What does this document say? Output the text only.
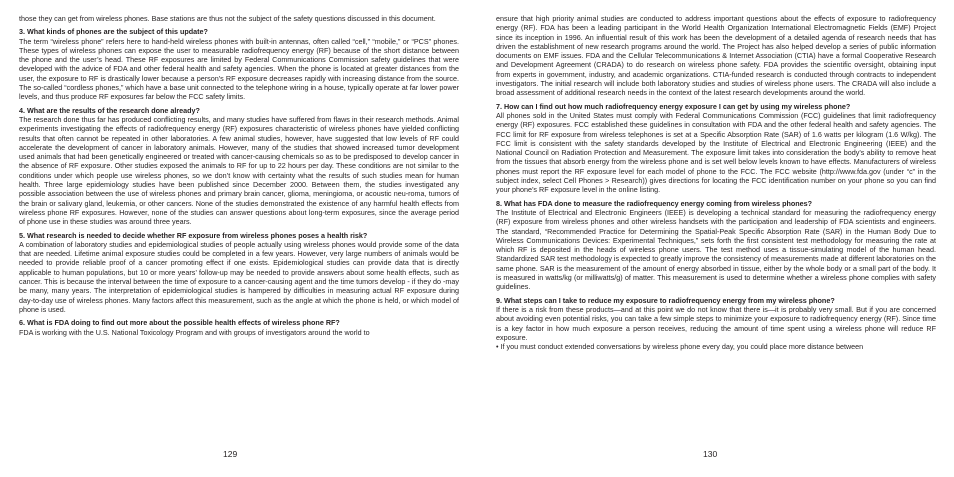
those they can get from wireless phones. Base stations are thus not the subject of the safety questions discussed in this document.

3. What kinds of phones are the subject of this update?

The term “wireless phone” refers here to hand-held wireless phones with built-in antennas, often called “cell,” “mobile,” or “PCS” phones. These types of wireless phones can expose the user to measurable radiofrequency energy (RF) because of the short distance between the phone and the user’s head. These RF exposures are limited by Federal Communications Commission safety guidelines that were developed with the advice of FDA and other federal health and safety agencies. When the phone is located at greater distances from the user, the exposure to RF is drastically lower because a person’s RF exposure decreases rapidly with increasing distance from the source. The so-called “cordless phones,” which have a base unit connected to the telephone wiring in a house, typically operate at far lower power levels, and thus produce RF exposures far below the FCC safety limits.

4. What are the results of the research done already?

The research done thus far has produced conflicting results, and many studies have suffered from flaws in their research methods. Animal experiments investigating the effects of radiofrequency energy (RF) exposures characteristic of wireless phones have yielded conflicting results that often cannot be repeated in other laboratories. A few animal studies, however, have suggested that low levels of RF could accelerate the development of cancer in laboratory animals. However, many of the studies that showed increased tumor development used animals that had been genetically engineered or treated with cancer-causing chemicals so as to be predisposed to develop cancer in the absence of RF exposure. Other studies exposed the animals to RF for up to 22 hours per day. These conditions are not similar to the conditions under which people use wireless phones, so we don’t know with certainty what the results of such studies mean for human health. Three large epidemiology studies have been published since December 2000. Between them, the studies investigated any possible association between the use of wireless phones and primary brain cancer, glioma, meningioma, or acoustic neu-roma, tumors of the brain or salivary gland, leukemia, or other cancers. None of the studies demonstrated the existence of any harmful health effects from wireless phone RF exposures. However, none of the studies can answer questions about long-term exposures, since the average period of phone use in these studies was around three years.

5. What research is needed to decide whether RF exposure from wireless phones poses a health risk?

A combination of laboratory studies and epidemiological studies of people actually using wireless phones would provide some of the data that are needed. Lifetime animal exposure studies could be completed in a few years. However, very large numbers of animals would be needed to provide reliable proof of a cancer promoting effect if one exists. Epidemiological studies can provide data that is directly applicable to human populations, but 10 or more years’ follow-up may be needed to provide answers about some health effects, such as cancer. This is because the interval between the time of exposure to a cancer-causing agent and the time tumors develop - if they do -may be many, many years. The interpretation of epidemiological studies is hampered by difficulties in measuring actual RF exposure during day-to-day use of wireless phones. Many factors affect this measurement, such as the angle at which the phone is held, or which model of phone is used.

6. What is FDA doing to find out more about the possible health effects of wireless phone RF?

FDA is working with the U.S. National Toxicology Program and with groups of investigators around the world to

ensure that high priority animal studies are conducted to address important questions about the effects of exposure to radiofrequency energy (RF). FDA has been a leading participant in the World Health Organization International Electromagnetic Fields (EMF) Project since its inception in 1996. An influential result of this work has been the development of a detailed agenda of research needs that has driven the establishment of new research programs around the world. The Project has also helped develop a series of public information documents on EMF issues. FDA and the Cellular Telecommunications & Internet Association (CTIA) have a formal Cooperative Research and Development Agreement (CRADA) to do research on wireless phone safety. FDA provides the scientific oversight, obtaining input from experts in government, industry, and academic organizations. CTIA-funded research is conducted through contracts to independent investigators. The initial research will include both laboratory studies and studies of wireless phone users. The CRADA will also include a broad assessment of additional research needs in the context of the latest research developments around the world.

7. How can I find out how much radiofrequency energy exposure I can get by using my wireless phone?

All phones sold in the United States must comply with Federal Communications Commission (FCC) guidelines that limit radiofrequency energy (RF) exposures. FCC established these guidelines in consultation with FDA and the other federal health and safety agencies. The FCC limit for RF exposure from wireless telephones is set at a Specific Absorption Rate (SAR) of 1.6 watts per kilogram (1.6 W/kg). The FCC limit is consistent with the safety standards developed by the Institute of Electrical and Electronic Engineering (IEEE) and the National Council on Radiation Protection and Measurement. The exposure limit takes into consideration the body’s ability to remove heat from the tissues that absorb energy from the wireless phone and is set well below levels known to have effects. Manufacturers of wireless phones must report the RF exposure level for each model of phone to the FCC. The FCC website (http://www.fda.gov (under “c” in the subject index, select Cell Phones > Research)) gives directions for locating the FCC identification number on your phone so you can find your phone’s RF exposure level in the online listing.

8. What has FDA done to measure the radiofrequency energy coming from wireless phones?

The Institute of Electrical and Electronic Engineers (IEEE) is developing a technical standard for measuring the radiofrequency energy (RF) exposure from wireless phones and other wireless handsets with the participation and leadership of FDA scientists and engineers. The standard, “Recommended Practice for Determining the Spatial-Peak Specific Absorption Rate (SAR) in the Human Body Due to Wireless Communications Devices: Experimental Techniques,” sets forth the first consistent test methodology for measuring the rate at which RF is deposited in the heads of wireless phone users. The test method uses a tissue-simulating model of the human head. Standardized SAR test methodology is expected to greatly improve the consistency of measurements made at different laboratories on the same phone. SAR is the measurement of the amount of energy absorbed in tissue, either by the whole body or a small part of the body. It is measured in watts/kg (or milliwatts/g) of matter. This measurement is used to determine whether a wireless phone complies with safety guidelines.

9. What steps can I take to reduce my exposure to radiofrequency energy from my wireless phone?

If there is a risk from these products—and at this point we do not know that there is—it is probably very small. But if you are concerned about avoiding even potential risks, you can take a few simple steps to minimize your exposure to radiofrequency energy (RF). Since time is a key factor in how much exposure a person receives, reducing the amount of time spent using a wireless phone will reduce RF exposure.

• If you must conduct extended conversations by wireless phone every day, you could place more distance between

129	130
